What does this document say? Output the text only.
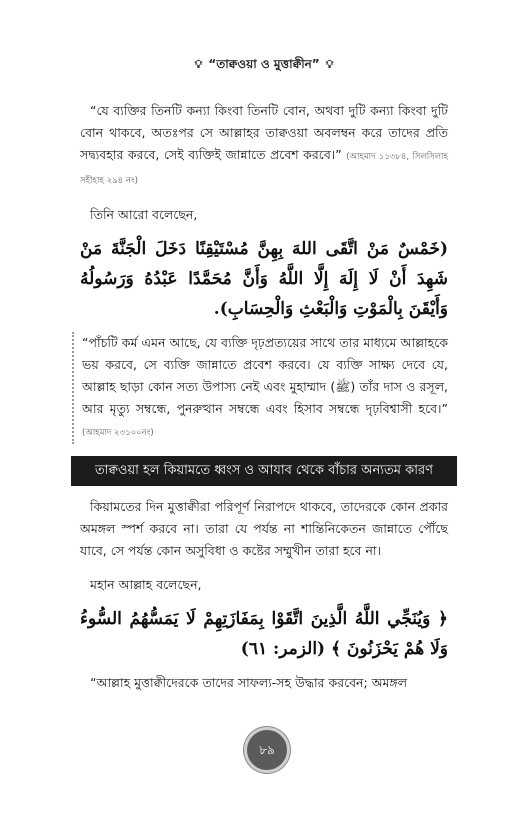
💡︎ “তাক্বওয়া ও মুত্তাক্বীন” 💡︎

“যে ব্যক্তির তিনটি কন্যা কিংবা তিনটি বোন, অথবা দুটি কন্যা কিংবা দুটি বোন থাকবে, অতঃপর সে আল্লাহর তাক্বওয়া অবলম্বন করে তাদের প্রতি সদ্ব্যবহার করবে, সেই ব্যক্তিই জান্নাতে প্রবেশ করবে।” (আহমাদ ১১৩৮৪, সিলসিলাহ সহীহাহ ২৯৪ নং)

তিনি আরো বলেছেন,

(خَمْسٌ مَنْ اتَّقَى اللهَ بِهِنَّ مُسْتَيْقِنًا دَخَلَ الْجَنَّةَ مَنْ شَهِدَ أَنْ لَا إِلَهَ إِلَّا اللَّهُ وَأَنَّ مُحَمَّدًا عَبْدُهُ وَرَسُولُهُ وَأَيْقَنَ بِالْمَوْتِ وَالْبَعْثِ وَالْحِسَابِ).

“পাঁচটি কর্ম এমন আছে, যে ব্যক্তি দৃঢ়প্রত্যয়ের সাথে তার মাধ্যমে আল্লাহকে ভয় করবে, সে ব্যক্তি জান্নাতে প্রবেশ করবে। যে ব্যক্তি সাক্ষ্য দেবে যে, আল্লাহ ছাড়া কোন সত্য উপাস্য নেই এবং মুহাম্মাদ (ﷺ) তাঁর দাস ও রসূল, আর মৃত্যু সম্বন্ধে, পুনরুত্থান সম্বন্ধে এবং হিসাব সম্বন্ধে দৃঢ়বিশ্বাসী হবে।” (আহমাদ ২৩১০০নং)

তাক্বওয়া হল কিয়ামতে ধ্বংস ও আযাব থেকে বাঁচার অন্যতম কারণ

কিয়ামতের দিন মুত্তাক্বীরা পরিপূর্ণ নিরাপদে থাকবে, তাদেরকে কোন প্রকার অমঙ্গল স্পর্শ করবে না। তারা যে পর্যন্ত না শান্তিনিকেতন জান্নাতে পৌঁছে যাবে, সে পর্যন্ত কোন অসুবিধা ও কষ্টের সম্মুখীন তারা হবে না।

মহান আল্লাহ বলেছেন,

﴿ وَيُنَجِّي اللَّهُ الَّذِينَ اتَّقَوْا بِمَفَازَتِهِمْ لَا يَمَسُّهُمُ السُّوءُ وَلَا هُمْ يَحْزَنُونَ ﴾ (الزمر: ٦١)

“আল্লাহ মুত্তাক্বীদেরকে তাদের সাফল্য-সহ উদ্ধার করবেন; অমঙ্গল

৮৯
